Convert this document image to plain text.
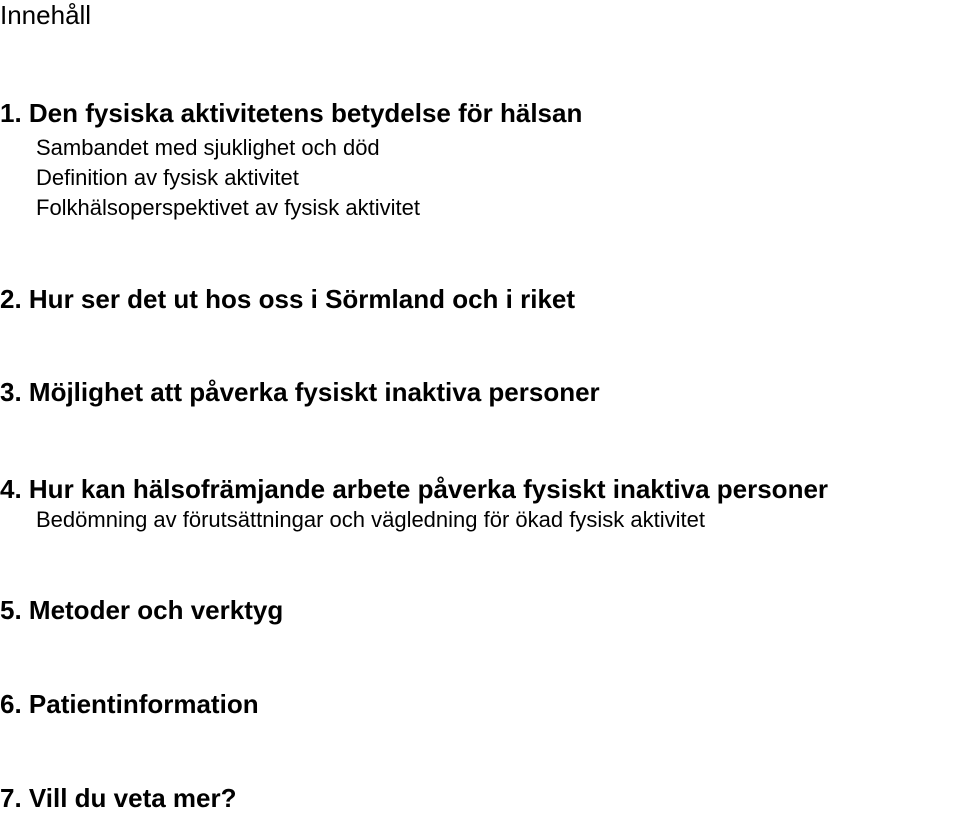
Innehåll
1. Den fysiska aktivitetens betydelse för hälsan
Sambandet med sjuklighet och död
Definition av fysisk aktivitet
Folkhälsoperspektivet av fysisk aktivitet
2. Hur ser det ut hos oss i Sörmland och i riket
3. Möjlighet att påverka fysiskt inaktiva personer
4. Hur kan hälsofrämjande arbete påverka fysiskt inaktiva personer
Bedömning av förutsättningar och vägledning för ökad fysisk aktivitet
5. Metoder och verktyg
6. Patientinformation
7. Vill du veta mer?
